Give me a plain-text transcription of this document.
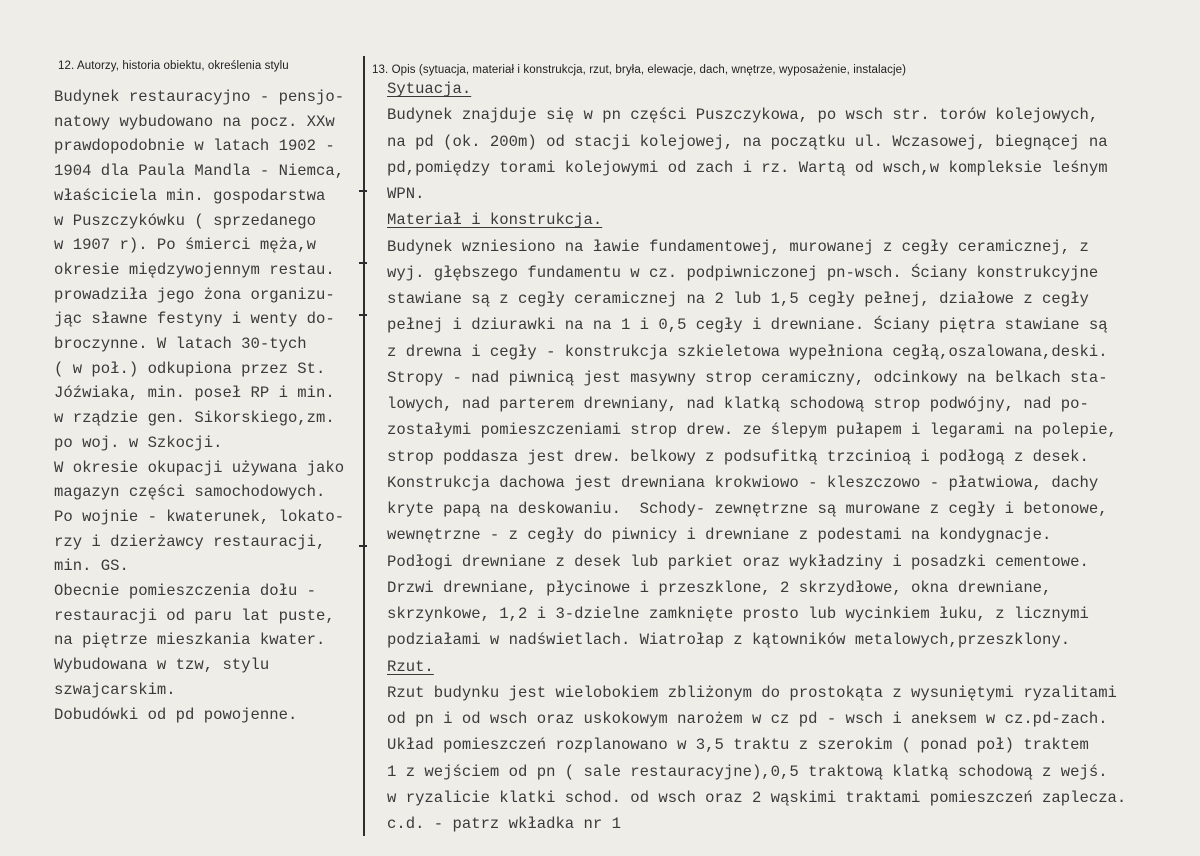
12. Autorzy, historia obiektu, określenia stylu	13. Opis (sytuacja, materiał i konstrukcja, rzut, bryła, elewacje, dach, wnętrze, wyposażenie, instalacje)
Budynek restauracyjno - pensjo-
natowy wybudowano na pocz. XXw
prawdopodobnie w latach 1902 -
1904 dla Paula Mandla - Niemca,
właściciela min. gospodarstwa
w Puszczykówku ( sprzedanego
w 1907 r). Po śmierci męża,w
okresie międzywojennym restau.
prowadziła jego żona organizu-
jąc sławne festyny i wenty do-
broczynne. W latach 30-tych
( w poł.) odkupiona przez St.
Jóźwiaka, min. poseł RP i min.
w rządzie gen. Sikorskiego,zm.
po woj. w Szkocji.
W okresie okupacji używana jako
magazyn części samochodowych.
Po wojnie - kwaterunek, lokato-
rzy i dzierżawcy restauracji,
min. GS.
Obecnie pomieszczenia dołu -
restauracji od paru lat puste,
na piętrze mieszkania kwater.
Wybudowana w tzw, stylu
szwajcarskim.
Dobudówki od pd powojenne.
Sytuacja.
Budynek znajduje się w pn części Puszczykowa, po wsch str. torów kolejowych,
na pd (ok. 200m) od stacji kolejowej, na początku ul. Wczasowej, biegnącej na
pd,pomiędzy torami kolejowymi od zach i rz. Wartą od wsch,w kompleksie leśnym
WPN.
Materiał i konstrukcja.
Budynek wzniesiono na ławie fundamentowej, murowanej z cegły ceramicznej, z
wyj. głębszego fundamentu w cz. podpiwniczonej pn-wsch. Ściany konstrukcyjne
stawiane są z cegły ceramicznej na 2 lub 1,5 cegły pełnej, działowe z cegły
pełnej i dziurawki na na 1 i 0,5 cegły i drewniane. Ściany piętra stawiane są
z drewna i cegły - konstrukcja szkieletowa wypełniona cegłą,oszalowana,deski.
Stropy - nad piwnicą jest masywny strop ceramiczny, odcinkowy na belkach sta-
lowych, nad parterem drewniany, nad klatką schodową strop podwójny, nad po-
zostałymi pomieszczeniami strop drew. ze ślepym pułapem i legarami na polepie,
strop poddasza jest drew. belkowy z podsufitką trzcinioą i podłogą z desek.
Konstrukcja dachowa jest drewniana krokwiowo - kleszczowo - płatwiowa, dachy
kryte papą na deskowaniu.  Schody- zewnętrzne są murowane z cegły i betonowe,
wewnętrzne - z cegły do piwnicy i drewniane z podestami na kondygnacje.
Podłogi drewniane z desek lub parkiet oraz wykładziny i posadzki cementowe.
Drzwi drewniane, płycinowe i przeszklone, 2 skrzydłowe, okna drewniane,
skrzynkowe, 1,2 i 3-dzielne zamknięte prosto lub wycinkiem łuku, z licznymi
podziałami w nadświetlach. Wiatrołap z kątowników metalowych,przeszklony.
Rzut.
Rzut budynku jest wielobokiem zbliżonym do prostokąta z wysuniętymi ryzalitami
od pn i od wsch oraz uskokowym narożem w cz pd - wsch i aneksem w cz.pd-zach.
Układ pomieszczeń rozplanowano w 3,5 traktu z szerokim ( ponad poł) traktem
1 z wejściem od pn ( sale restauracyjne),0,5 traktową klatką schodową z wejś.
w ryzalicie klatki schod. od wsch oraz 2 wąskimi traktami pomieszczeń zaplecza.
c.d. - patrz wkładka nr 1
